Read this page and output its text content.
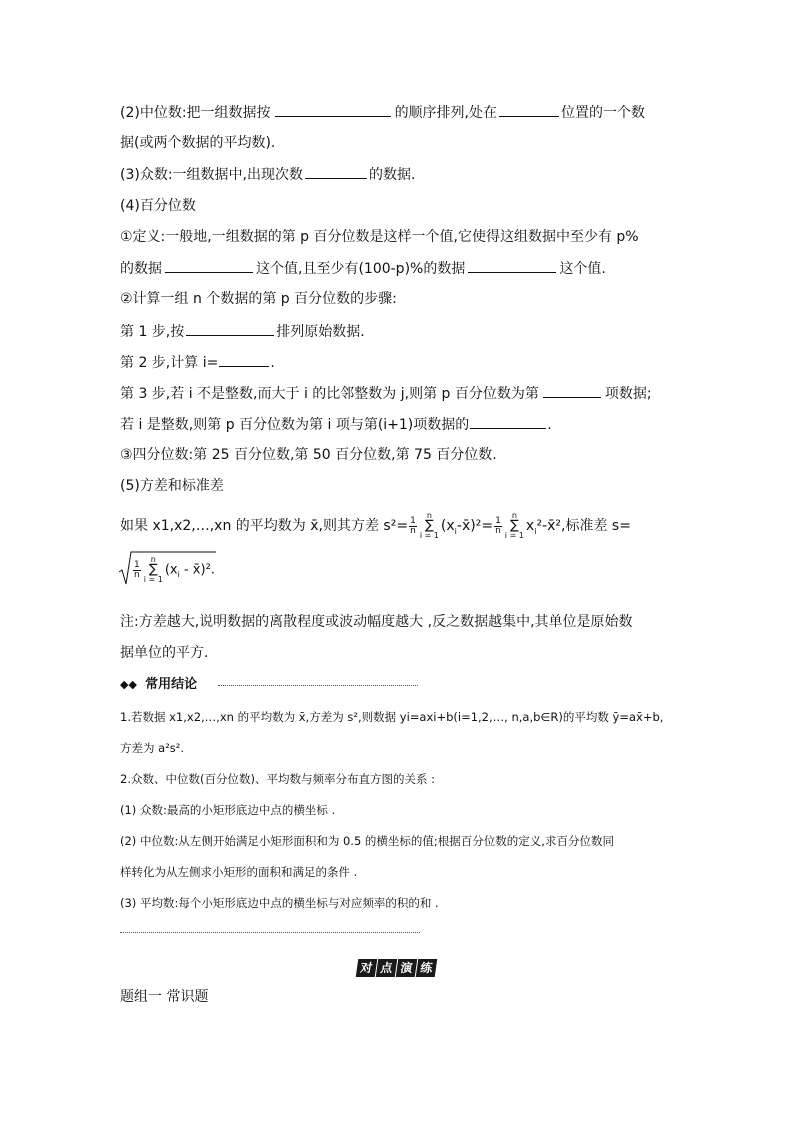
(2)中位数:把一组数据按	的顺序排列,处在	位置的一个数
据(或两个数据的平均数).
(3)众数:一组数据中,出现次数	的数据.
(4)百分位数
①定义:一般地,一组数据的第 p 百分位数是这样一个值,它使得这组数据中至少有 p%
的数据	这个值,且至少有(100-p)%的数据	这个值.
②计算一组 n 个数据的第 p 百分位数的步骤:
第 1 步,按	排列原始数据.
第 2 步,计算 i=	.
第 3 步,若 i 不是整数,而大于 i 的比邻整数为 j,则第 p 百分位数为第	项数据;
若 i 是整数,则第 p 百分位数为第 i 项与第(i+1)项数据的	.
③四分位数:第 25 百分位数,第 50 百分位数,第 75 百分位数.
(5)方差和标准差
如果 x1,x2,…,xn 的平均数为 x̄,则其方差 $s^2= \frac{1}{n}$
n
∑
$i = 1(x_i-x̄)^2= \frac{1}{n}$
n
∑
$i = 1x_i^2-x̄^2$,标准差 s=
$\frac{1}{n}$
n
∑
$i = 1(x_i$ - x̄)².
注:方差越大,说明数据的离散程度或波动幅度越大 ,反之数据越集中,其单位是原始数
据单位的平方.
◆◆ 常用结论
1.若数据 x1,x2,…,xn 的平均数为 x̄,方差为 s²,则数据 yi=axi+b(i=1,2,…, n,a,b∈R)的平均数 ȳ=ax̄+b,
方差为 a²s².
2.众数、中位数(百分位数)、平均数与频率分布直方图的关系 :
(1) 众数:最高的小矩形底边中点的横坐标 .
(2) 中位数:从左侧开始满足小矩形面积和为 0.5 的横坐标的值;根据百分位数的定义,求百分位数同
样转化为从左侧求小矩形的面积和满足的条件 .
(3) 平均数:每个小矩形底边中点的横坐标与对应频率的积的和 .
对 点 演 练
题组一 常识题
